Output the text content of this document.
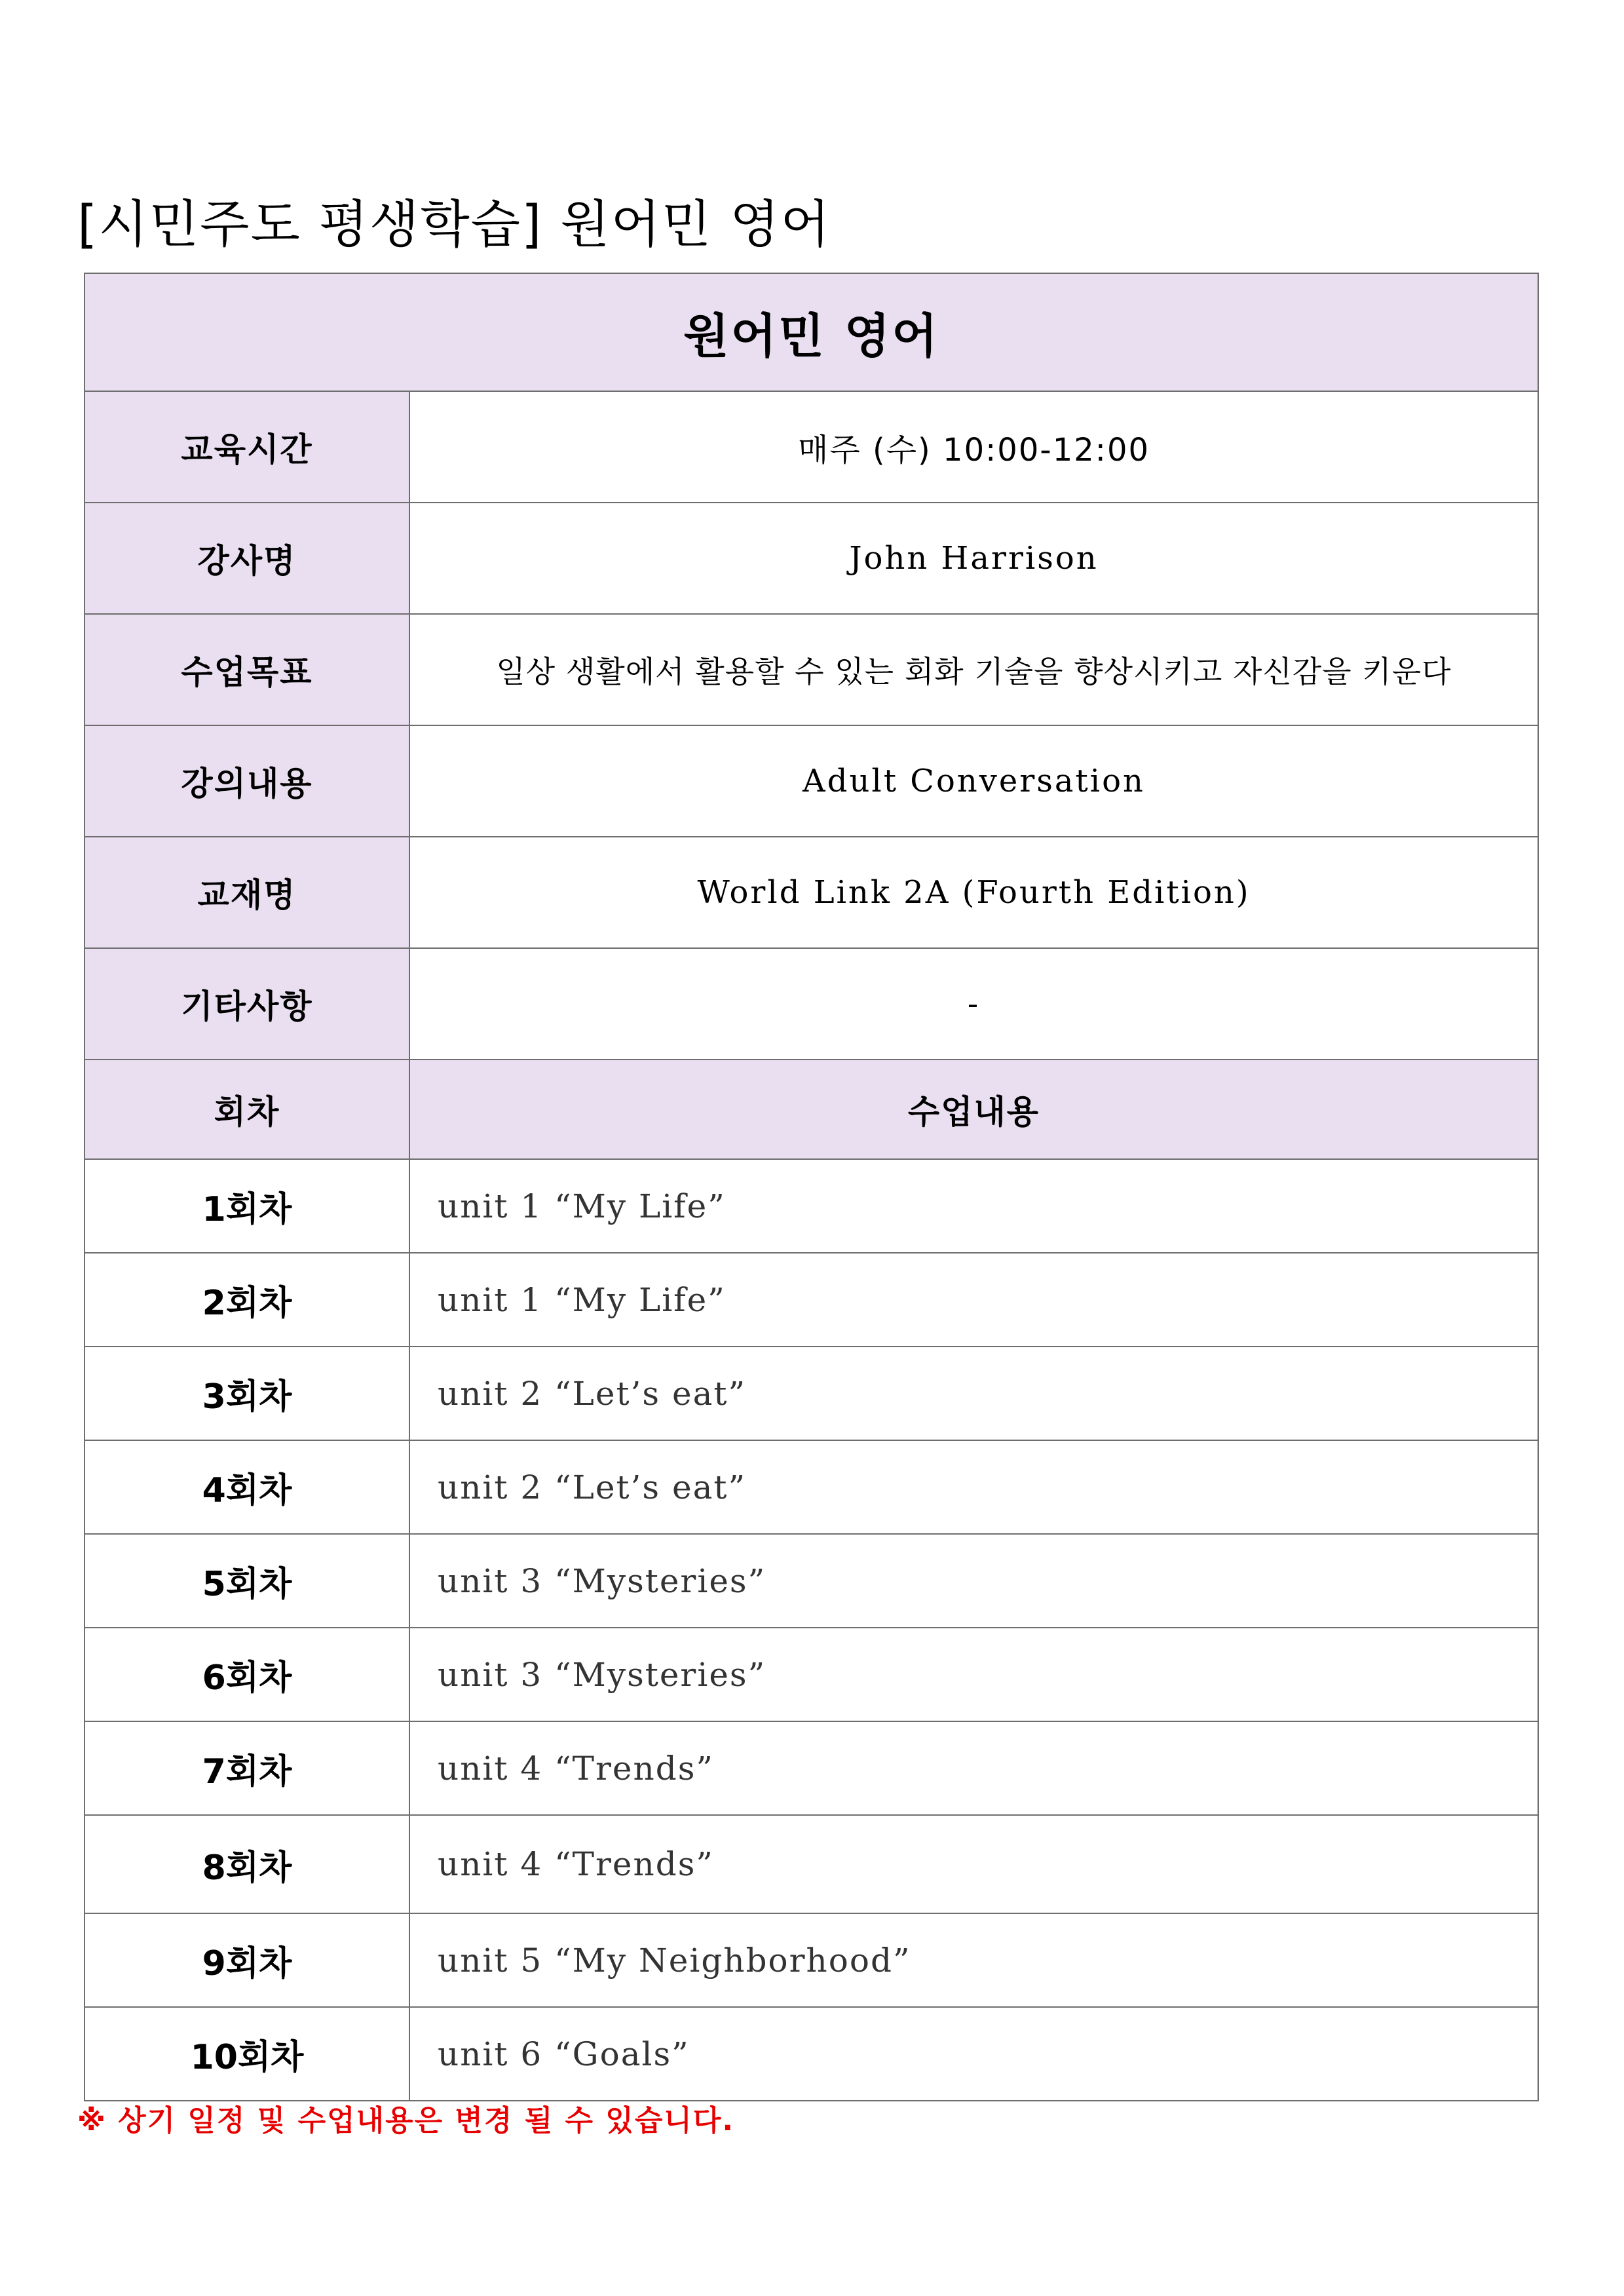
[시민주도 평생학습] 원어민 영어
원어민 영어	
교육시간	매주 (수) 10:00-12:00
강사명	John Harrison
수업목표	일상 생활에서 활용할 수 있는 회화 기술을 향상시키고 자신감을 키운다
강의내용	Adult Conversation
교재명	World Link 2A (Fourth Edition)
기타사항	-
회차	수업내용
1회차	unit 1 “My Life”
2회차	unit 1 “My Life”
3회차	unit 2 “Let’s eat”
4회차	unit 2 “Let’s eat”
5회차	unit 3 “Mysteries”
6회차	unit 3 “Mysteries”
7회차	unit 4 “Trends”
8회차	unit 4 “Trends”
9회차	unit 5 “My Neighborhood”
10회차	unit 6 “Goals”
※ 상기 일정 및 수업내용은 변경 될 수 있습니다.
